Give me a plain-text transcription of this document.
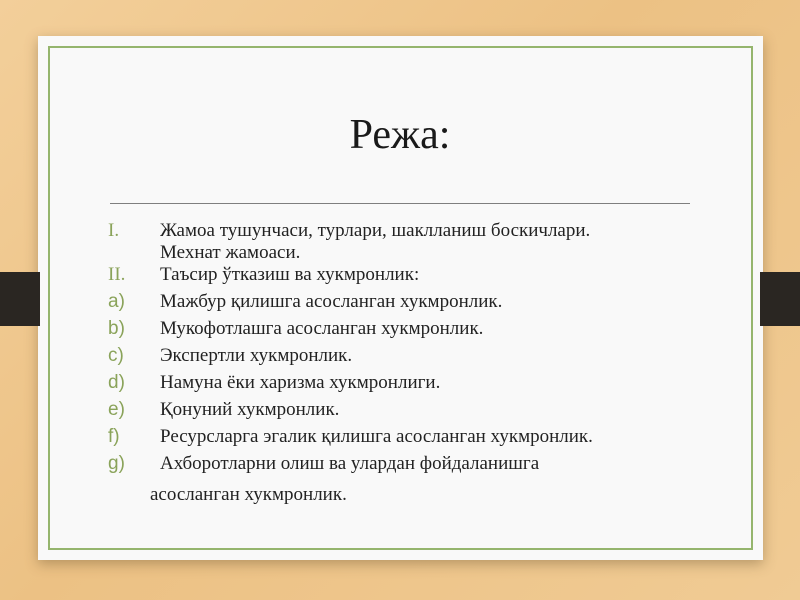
Режа:
I. Жамоа тушунчаси, турлари, шаклланиш боскичлари.
Мехнат жамоаси.
II. Таъсир ўтказиш ва хукмронлик:
a) Мажбур қилишга асосланган хукмронлик.
b) Мукофотлашга асосланган хукмронлик.
c) Экспертли хукмронлик.
d) Намуна ёки харизма хукмронлиги.
e) Қонуний хукмронлик.
f) Ресурсларга эгалик қилишга асосланган хукмронлик.
g) Ахборотларни олиш ва улардан фойдаланишга
асосланган хукмронлик.
